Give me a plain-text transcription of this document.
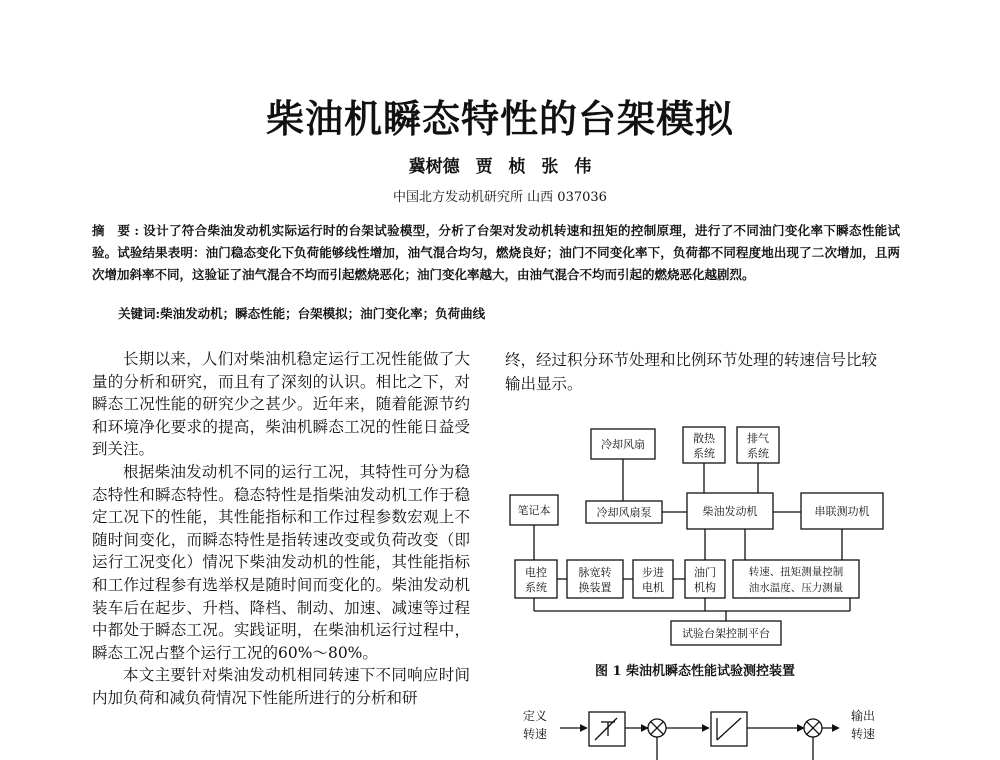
柴油机瞬态特性的台架模拟
冀树德 贾 桢 张 伟
中国北方发动机研究所 山西 037036
摘 要:设计了符合柴油发动机实际运行时的台架试验模型，分析了台架对发动机转速和扭矩的控制原理，进行了不同油门变化率下瞬态性能试验。试验结果表明：油门稳态变化下负荷能够线性增加，油气混合均匀，燃烧良好；油门不同变化率下，负荷都不同程度地出现了二次增加，且两次增加斜率不同，这验证了油气混合不均而引起燃烧恶化；油门变化率越大，由油气混合不均而引起的燃烧恶化越剧烈。
关键词:柴油发动机；瞬态性能；台架模拟；油门变化率；负荷曲线

长期以来，人们对柴油机稳定运行工况性能做了大量的分析和研究，而且有了深刻的认识。相比之下，对瞬态工况性能的研究少之甚少。近年来，随着能源节约和环境净化要求的提高，柴油机瞬态工况的性能日益受到关注。

根据柴油发动机不同的运行工况，其特性可分为稳态特性和瞬态特性。稳态特性是指柴油发动机工作于稳定工况下的性能，其性能指标和工作过程参数宏观上不随时间变化，而瞬态特性是指转速改变或负荷改变（即运行工况变化）情况下柴油发动机的性能，其性能指标和工作过程参有选举权是随时间而变化的。柴油发动机装车后在起步、升档、降档、制动、加速、减速等过程中都处于瞬态工况。实践证明，在柴油机运行过程中，瞬态工况占整个运行工况的60%～80%。

本文主要针对柴油发动机相同转速下不同响应时间内加负荷和减负荷情况下性能所进行的分析和研

终，经过积分环节处理和比例环节处理的转速信号比较输出显示。

冷却风扇	散热
系统
排气
系统
笔记本	冷却风扇泵	柴油发动机	串联测功机
电控
系统
脉宽转
换装置
步进
电机
油门
机构
转速、扭矩测量控制
油水温度、压力测量
试验台架控制平台
图 1 柴油机瞬态性能试验测控装置
定义
转速
输出
转速
